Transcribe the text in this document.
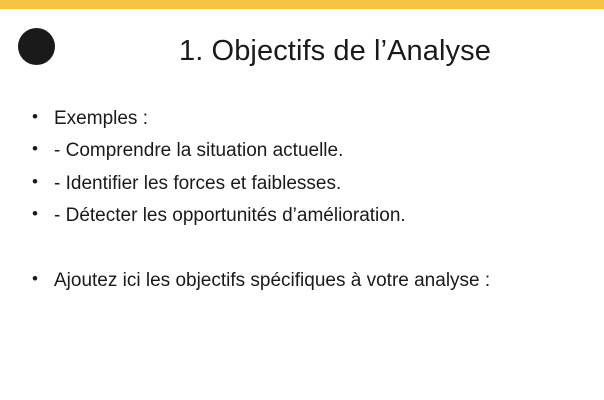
1. Objectifs de l’Analyse
• Exemples :
• - Comprendre la situation actuelle.
• - Identifier les forces et faiblesses.
• - Détecter les opportunités d’amélioration.
• Ajoutez ici les objectifs spécifiques à votre analyse :
